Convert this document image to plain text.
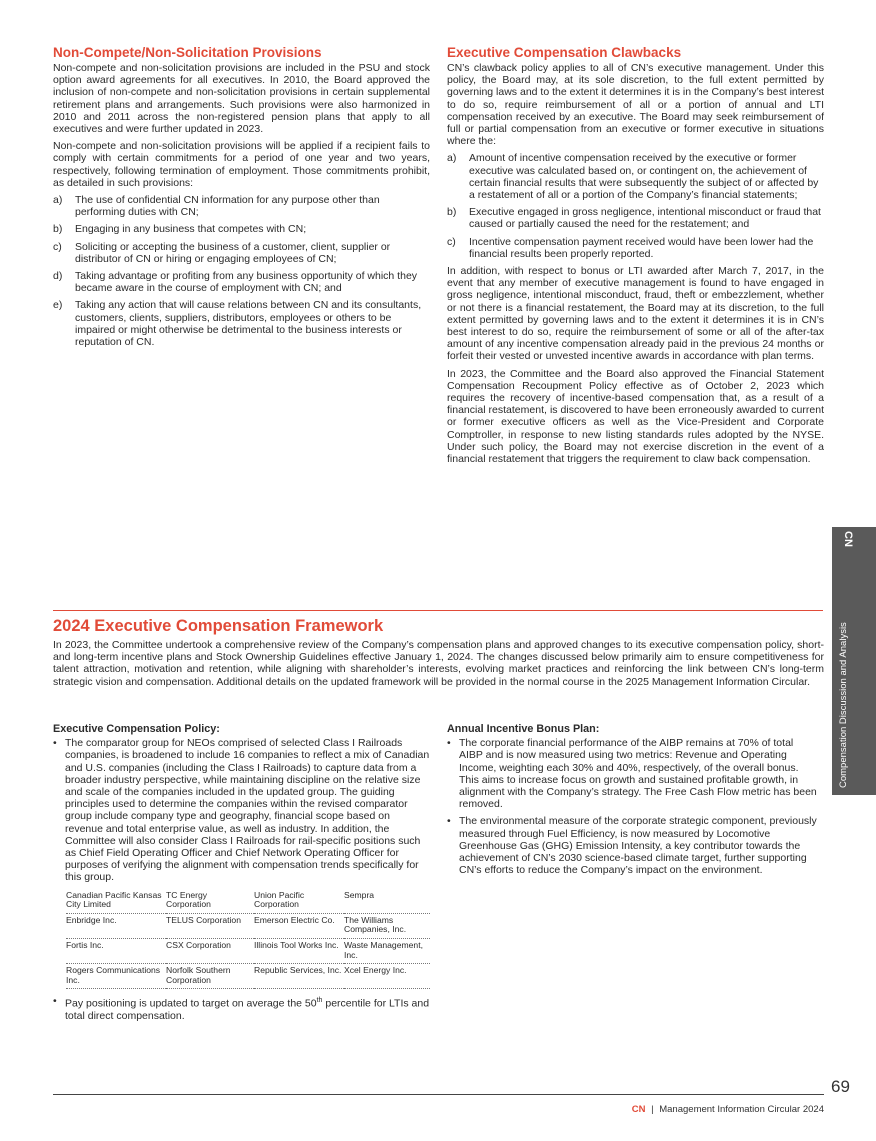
Non-Compete/Non-Solicitation Provisions

Non-compete and non-solicitation provisions are included in the PSU and stock option award agreements for all executives. In 2010, the Board approved the inclusion of non-compete and non-solicitation provisions in certain supplemental retirement plans and arrangements. Such provisions were also harmonized in 2010 and 2011 across the non-registered pension plans that apply to all executives and were further updated in 2023.

Non-compete and non-solicitation provisions will be applied if a recipient fails to comply with certain commitments for a period of one year and two years, respectively, following termination of employment. Those commitments prohibit, as detailed in such provisions:

a) The use of confidential CN information for any purpose other than performing duties with CN;
b) Engaging in any business that competes with CN;
c) Soliciting or accepting the business of a customer, client, supplier or distributor of CN or hiring or engaging employees of CN;
d) Taking advantage or profiting from any business opportunity of which they became aware in the course of employment with CN; and
e) Taking any action that will cause relations between CN and its consultants, customers, clients, suppliers, distributors, employees or others to be impaired or might otherwise be detrimental to the business interests or reputation of CN.
Executive Compensation Clawbacks

CN’s clawback policy applies to all of CN’s executive management. Under this policy, the Board may, at its sole discretion, to the full extent permitted by governing laws and to the extent it determines it is in the Company’s best interest to do so, require reimbursement of all or a portion of annual and LTI compensation received by an executive. The Board may seek reimbursement of full or partial compensation from an executive or former executive in situations where the:

a) Amount of incentive compensation received by the executive or former executive was calculated based on, or contingent on, the achievement of certain financial results that were subsequently the subject of or affected by a restatement of all or a portion of the Company’s financial statements;
b) Executive engaged in gross negligence, intentional misconduct or fraud that caused or partially caused the need for the restatement; and
c) Incentive compensation payment received would have been lower had the financial results been properly reported.

In addition, with respect to bonus or LTI awarded after March 7, 2017, in the event that any member of executive management is found to have engaged in gross negligence, intentional misconduct, fraud, theft or embezzlement, whether or not there is a financial restatement, the Board may at its discretion, to the full extent permitted by governing laws and to the extent it determines it is in CN’s best interest to do so, require the reimbursement of some or all of the after-tax amount of any incentive compensation already paid in the previous 24 months or forfeit their vested or unvested incentive awards in accordance with plan terms.

In 2023, the Committee and the Board also approved the Financial Statement Compensation Recoupment Policy effective as of October 2, 2023 which requires the recovery of incentive-based compensation that, as a result of a financial restatement, is discovered to have been erroneously awarded to current or former executive officers as well as the Vice-President and Corporate Comptroller, in response to new listing standards rules adopted by the NYSE. Under such policy, the Board may not exercise discretion in the event of a financial restatement that triggers the requirement to claw back compensation.

2024 Executive Compensation Framework

In 2023, the Committee undertook a comprehensive review of the Company’s compensation plans and approved changes to its executive compensation policy, short- and long-term incentive plans and Stock Ownership Guidelines effective January 1, 2024. The changes discussed below primarily aim to ensure competitiveness for talent attraction, motivation and retention, while aligning with shareholder’s interests, evolving market practices and reinforcing the link between CN’s long-term strategic vision and compensation. Additional details on the updated framework will be provided in the normal course in the 2025 Management Information Circular.

Executive Compensation Policy:
• The comparator group for NEOs comprised of selected Class I Railroads companies, is broadened to include 16 companies to reflect a mix of Canadian and U.S. companies (including the Class I Railroads) to capture data from a broader industry perspective, while maintaining discipline on the relative size and scale of the companies included in the updated group. The guiding principles used to determine the companies within the revised comparator group include company type and geography, financial scope based on revenue and total enterprise value, as well as industry. In addition, the Committee will also consider Class I Railroads for rail-specific positions such as Chief Field Operating Officer and Chief Network Operating Officer for purposes of verifying the alignment with compensation trends specifically for this group.
Canadian Pacific Kansas City Limited	TC Energy Corporation	Union Pacific Corporation	Sempra
Enbridge Inc.	TELUS Corporation	Emerson Electric Co.	The Williams Companies, Inc.
Fortis Inc.	CSX Corporation	Illinois Tool Works Inc.	Waste Management, Inc.
Rogers Communications Inc.	Norfolk Southern Corporation	Republic Services, Inc.	Xcel Energy Inc.
• Pay positioning is updated to target on average the 50th percentile for LTIs and total direct compensation.
Annual Incentive Bonus Plan:
• The corporate financial performance of the AIBP remains at 70% of total AIBP and is now measured using two metrics: Revenue and Operating Income, weighting each 30% and 40%, respectively, of the overall bonus. This aims to increase focus on growth and sustained profitable growth, in alignment with the Company’s strategy. The Free Cash Flow metric has been removed.
• The environmental measure of the corporate strategic component, previously measured through Fuel Efficiency, is now measured by Locomotive Greenhouse Gas (GHG) Emission Intensity, a key contributor towards the achievement of CN’s 2030 science-based climate target, further supporting CN’s efforts to reduce the Company’s impact on the environment.
CN
Compensation Discussion and Analysis
69
CN | Management Information Circular 2024
